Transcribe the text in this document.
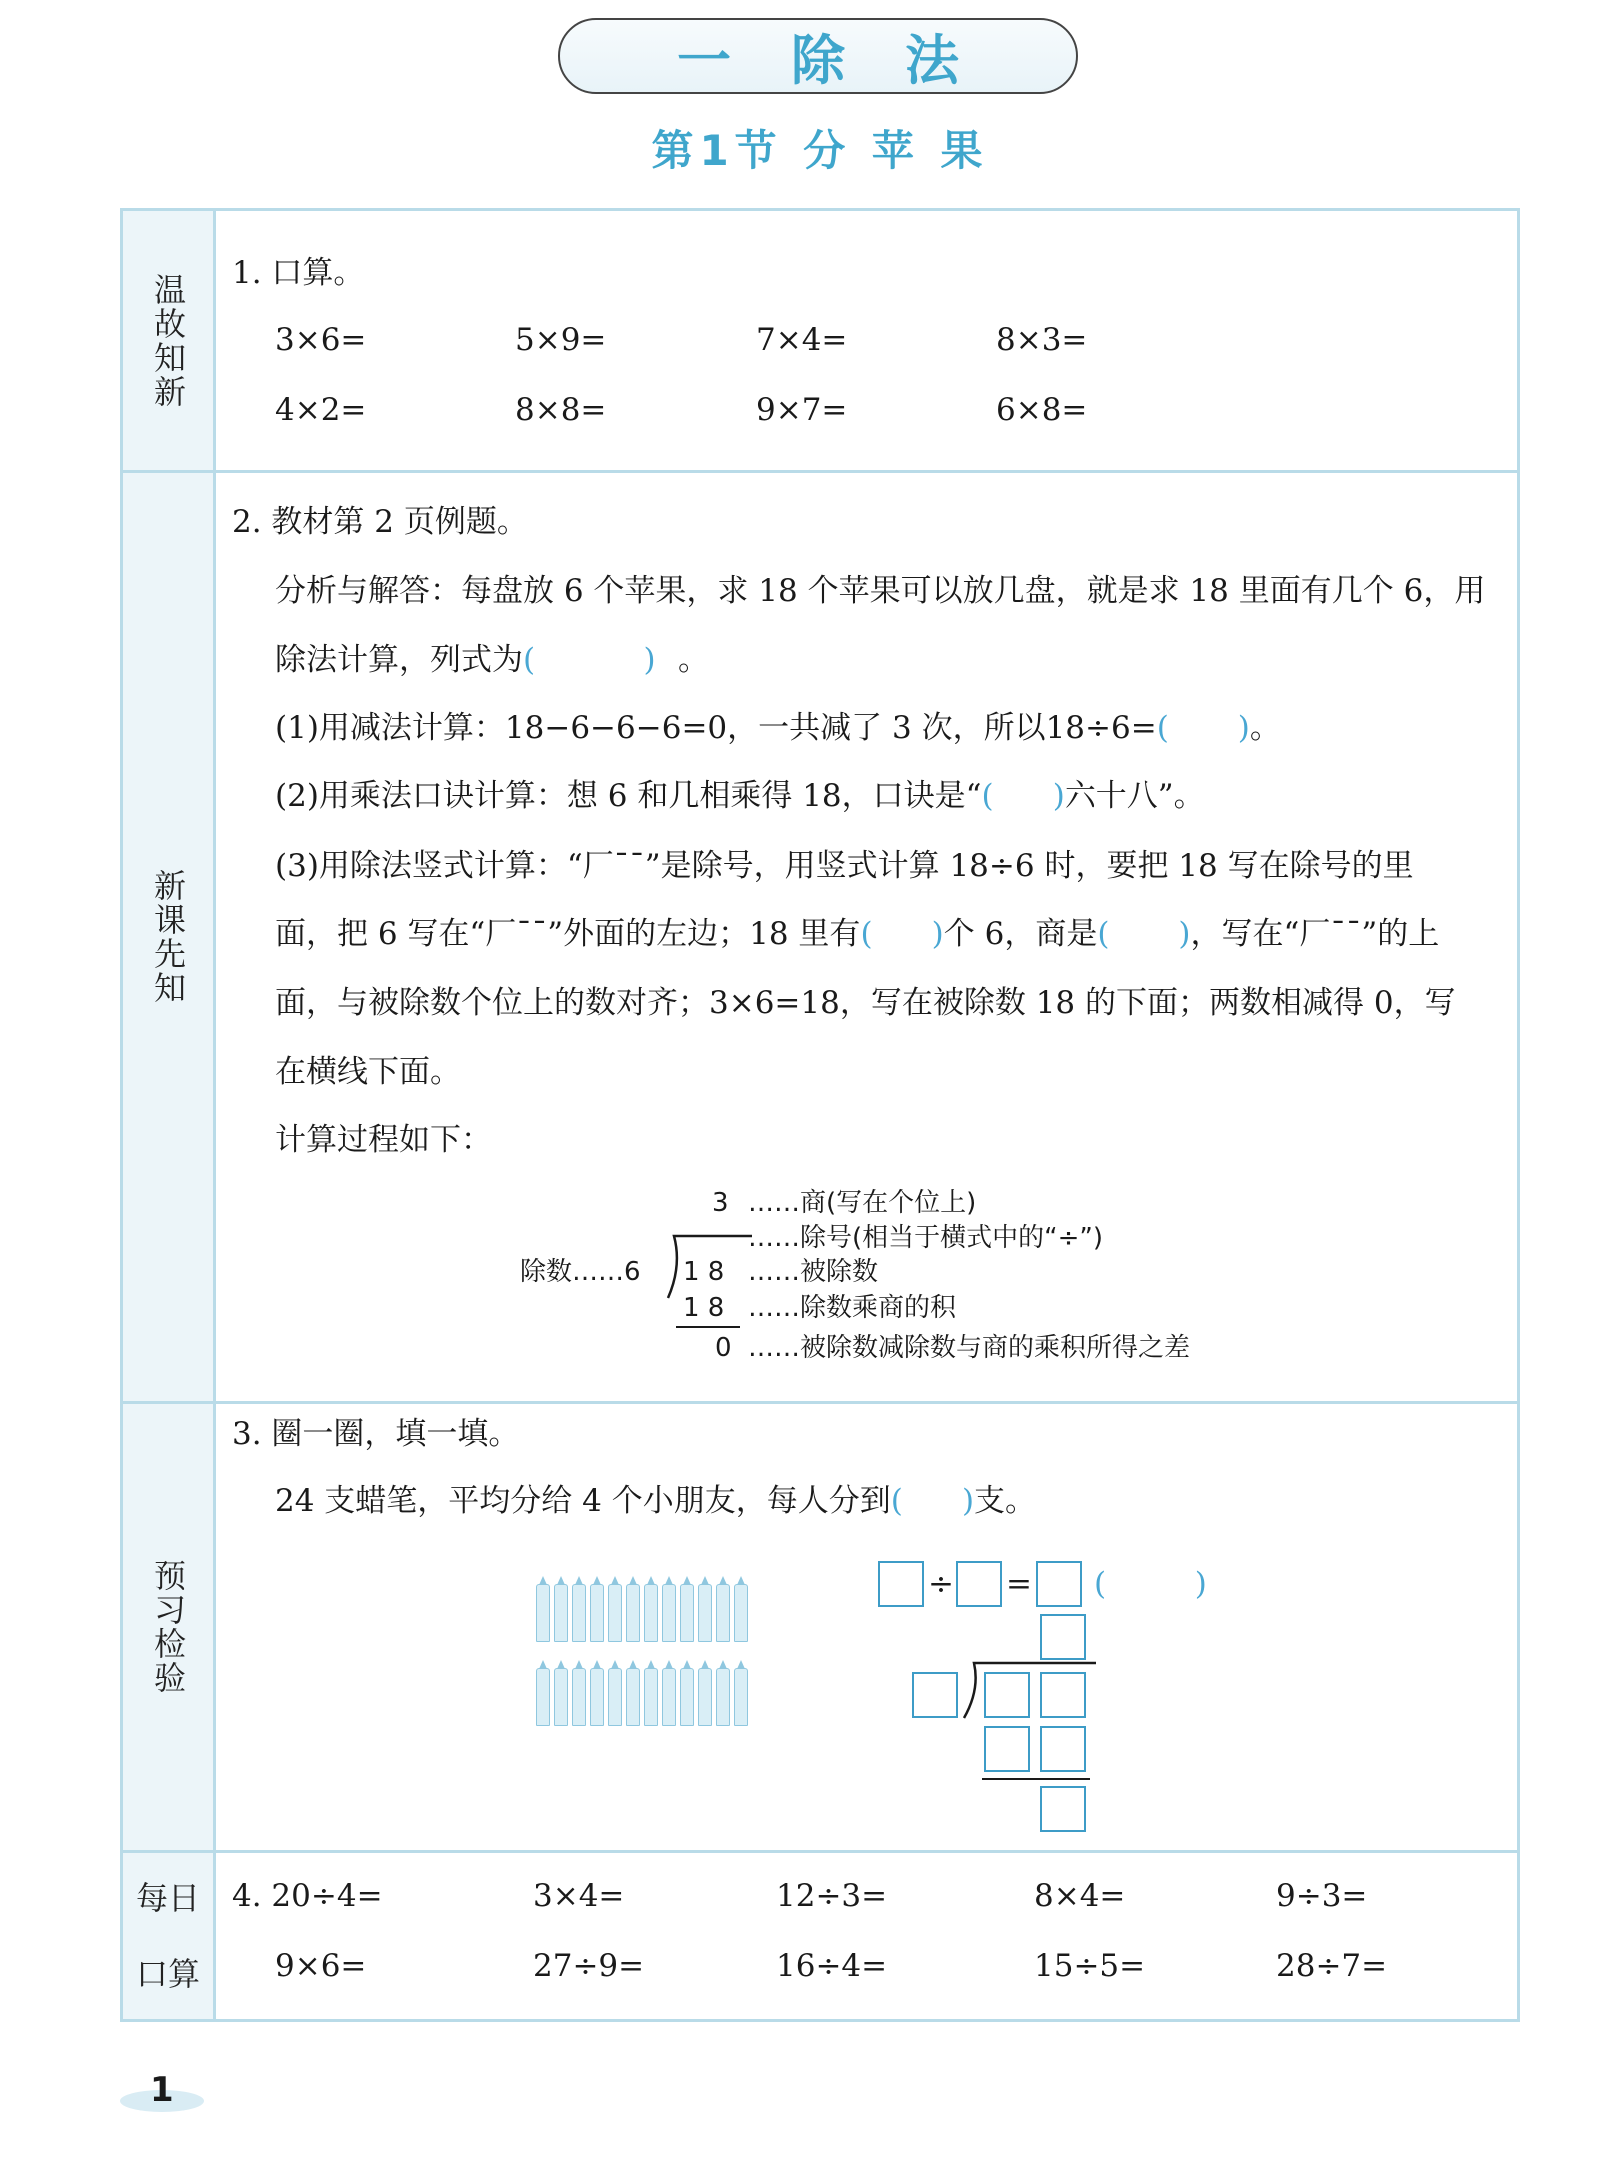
一除法
第1节 分 苹 果
温故知新
新课先知
预习检验
每日
口算
1. 口算。
3×6=	5×9=	7×4=	8×3=
4×2=	8×8=	9×7=	6×8=
2. 教材第 2 页例题。
分析与解答：每盘放 6 个苹果，求 18 个苹果可以放几盘，就是求 18 里面有几个 6，用
除法计算，列式为(           ) 。
(1)用减法计算：18−6−6−6=0，一共减了 3 次，所以18÷6=(       )。
(2)用乘法口诀计算：想 6 和几相乘得 18，口诀是“(      )六十八”。
(3)用除法竖式计算：“厂¯¯”是除号，用竖式计算 18÷6 时，要把 18 写在除号的里
面，把 6 写在“厂¯¯”外面的左边；18 里有(      )个 6，商是(       )，写在“厂¯¯”的上
面，与被除数个位上的数对齐；3×6=18，写在被除数 18 的下面；两数相减得 0，写
在横线下面。
计算过程如下：
3 ……商(写在个位上)
……除号(相当于横式中的“÷”)
除数……6 1 8 ……被除数
1 8 ……除数乘商的积
0 ……被除数减除数与商的乘积所得之差
3. 圈一圈，填一填。
24 支蜡笔，平均分给 4 个小朋友，每人分到(      )支。
÷ = (         )
4. 20÷4=	3×4=	12÷3=	8×4=	9÷3=
9×6=	27÷9=	16÷4=	15÷5=	28÷7=
1
